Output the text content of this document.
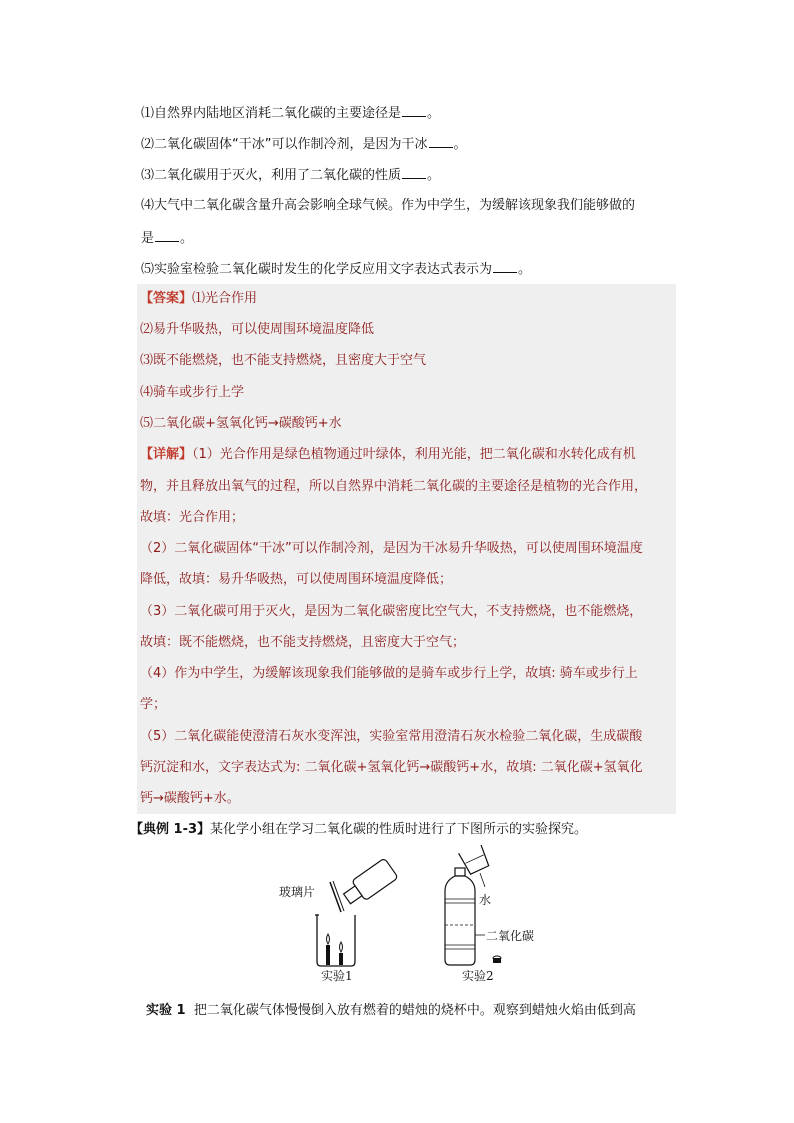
⑴自然界内陆地区消耗二氧化碳的主要途径是 。
⑵二氧化碳固体“干冰”可以作制冷剂，是因为干冰 。
⑶二氧化碳用于灭火，利用了二氧化碳的性质 。
⑷大气中二氧化碳含量升高会影响全球气候。作为中学生，为缓解该现象我们能够做的
是 。
⑸实验室检验二氧化碳时发生的化学反应用文字表达式表示为 。
【答案】⑴光合作用
⑵易升华吸热，可以使周围环境温度降低
⑶既不能燃烧，也不能支持燃烧，且密度大于空气
⑷骑车或步行上学
⑸二氧化碳+氢氧化钙→碳酸钙+水
【详解】（1）光合作用是绿色植物通过叶绿体，利用光能，把二氧化碳和水转化成有机
物，并且释放出氧气的过程，所以自然界中消耗二氧化碳的主要途径是植物的光合作用，
故填：光合作用；
（2）二氧化碳固体“干冰”可以作制冷剂，是因为干冰易升华吸热，可以使周围环境温度
降低，故填：易升华吸热，可以使周围环境温度降低；
（3）二氧化碳可用于灭火，是因为二氧化碳密度比空气大，不支持燃烧，也不能燃烧，
故填：既不能燃烧，也不能支持燃烧，且密度大于空气；
（4）作为中学生，为缓解该现象我们能够做的是骑车或步行上学，故填: 骑车或步行上
学；
（5）二氧化碳能使澄清石灰水变浑浊，实验室常用澄清石灰水检验二氧化碳，生成碳酸
钙沉淀和水，文字表达式为: 二氧化碳+氢氧化钙→碳酸钙+水，故填: 二氧化碳+氢氧化
钙→碳酸钙+水。
【典例 1-3】某化学小组在学习二氧化碳的性质时进行了下图所示的实验探究。
玻璃片
水
二氧化碳
实验1	实验2
实验 1 把二氧化碳气体慢慢倒入放有燃着的蜡烛的烧杯中。观察到蜡烛火焰由低到高
